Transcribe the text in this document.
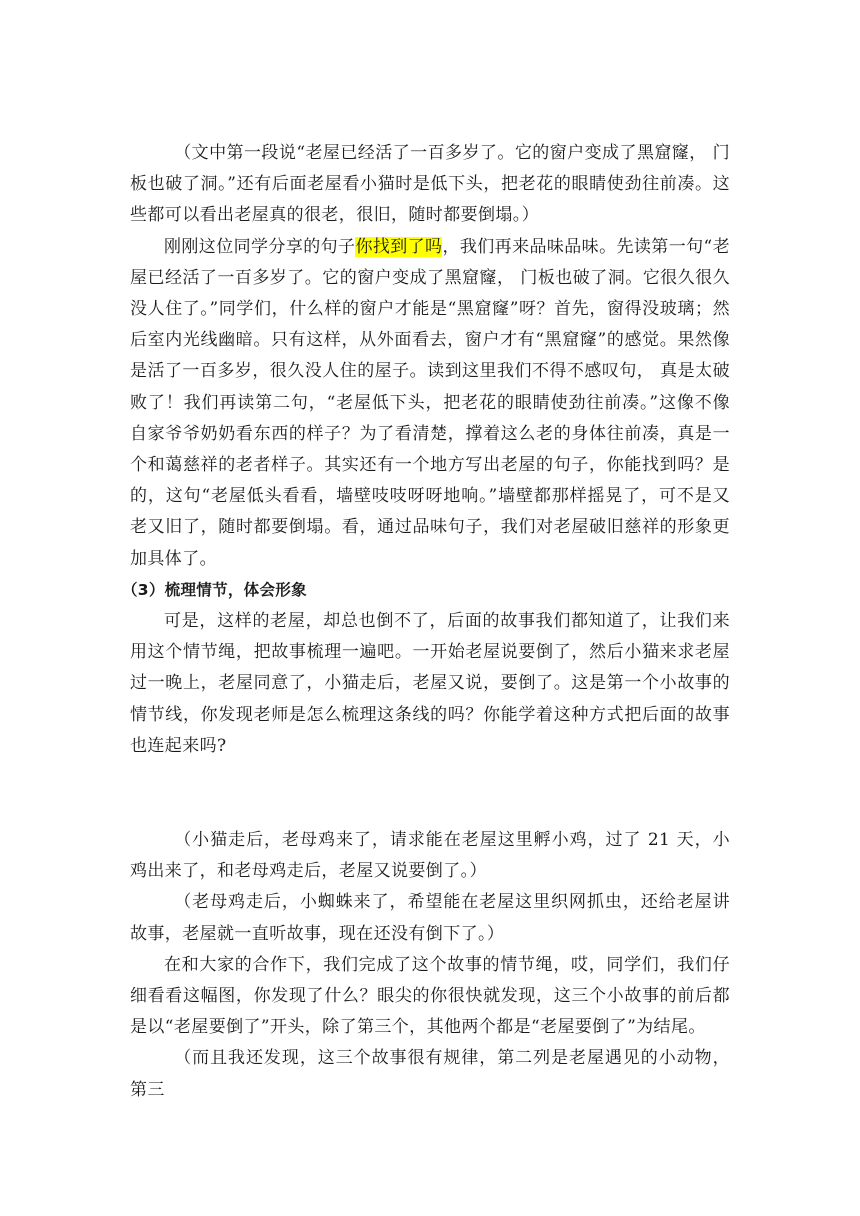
（文中第一段说“老屋已经活了一百多岁了。它的窗户变成了黑窟窿， 门板也破了洞。”还有后面老屋看小猫时是低下头，把老花的眼睛使劲往前凑。这些都可以看出老屋真的很老，很旧，随时都要倒塌。）

刚刚这位同学分享的句子你找到了吗，我们再来品味品味。先读第一句“老屋已经活了一百多岁了。它的窗户变成了黑窟窿， 门板也破了洞。它很久很久没人住了。”同学们，什么样的窗户才能是“黑窟窿”呀？首先，窗得没玻璃；然后室内光线幽暗。只有这样，从外面看去，窗户才有“黑窟窿”的感觉。果然像是活了一百多岁，很久没人住的屋子。读到这里我们不得不感叹句， 真是太破败了！我们再读第二句，“老屋低下头，把老花的眼睛使劲往前凑。”这像不像自家爷爷奶奶看东西的样子？为了看清楚，撑着这么老的身体往前凑，真是一个和蔼慈祥的老者样子。其实还有一个地方写出老屋的句子，你能找到吗？是的，这句“老屋低头看看，墙壁吱吱呀呀地响。”墙壁都那样摇晃了，可不是又老又旧了，随时都要倒塌。看，通过品味句子，我们对老屋破旧慈祥的形象更加具体了。

（3）梳理情节，体会形象

可是，这样的老屋，却总也倒不了，后面的故事我们都知道了，让我们来用这个情节绳，把故事梳理一遍吧。一开始老屋说要倒了，然后小猫来求老屋过一晚上，老屋同意了，小猫走后，老屋又说，要倒了。这是第一个小故事的情节线，你发现老师是怎么梳理这条线的吗？你能学着这种方式把后面的故事也连起来吗?

（小猫走后，老母鸡来了，请求能在老屋这里孵小鸡，过了 21 天，小鸡出来了，和老母鸡走后，老屋又说要倒了。）

（老母鸡走后，小蜘蛛来了，希望能在老屋这里织网抓虫，还给老屋讲故事，老屋就一直听故事，现在还没有倒下了。）

在和大家的合作下，我们完成了这个故事的情节绳，哎，同学们，我们仔细看看这幅图，你发现了什么？眼尖的你很快就发现，这三个小故事的前后都是以“老屋要倒了”开头，除了第三个，其他两个都是“老屋要倒了”为结尾。

（而且我还发现，这三个故事很有规律，第二列是老屋遇见的小动物，第三
